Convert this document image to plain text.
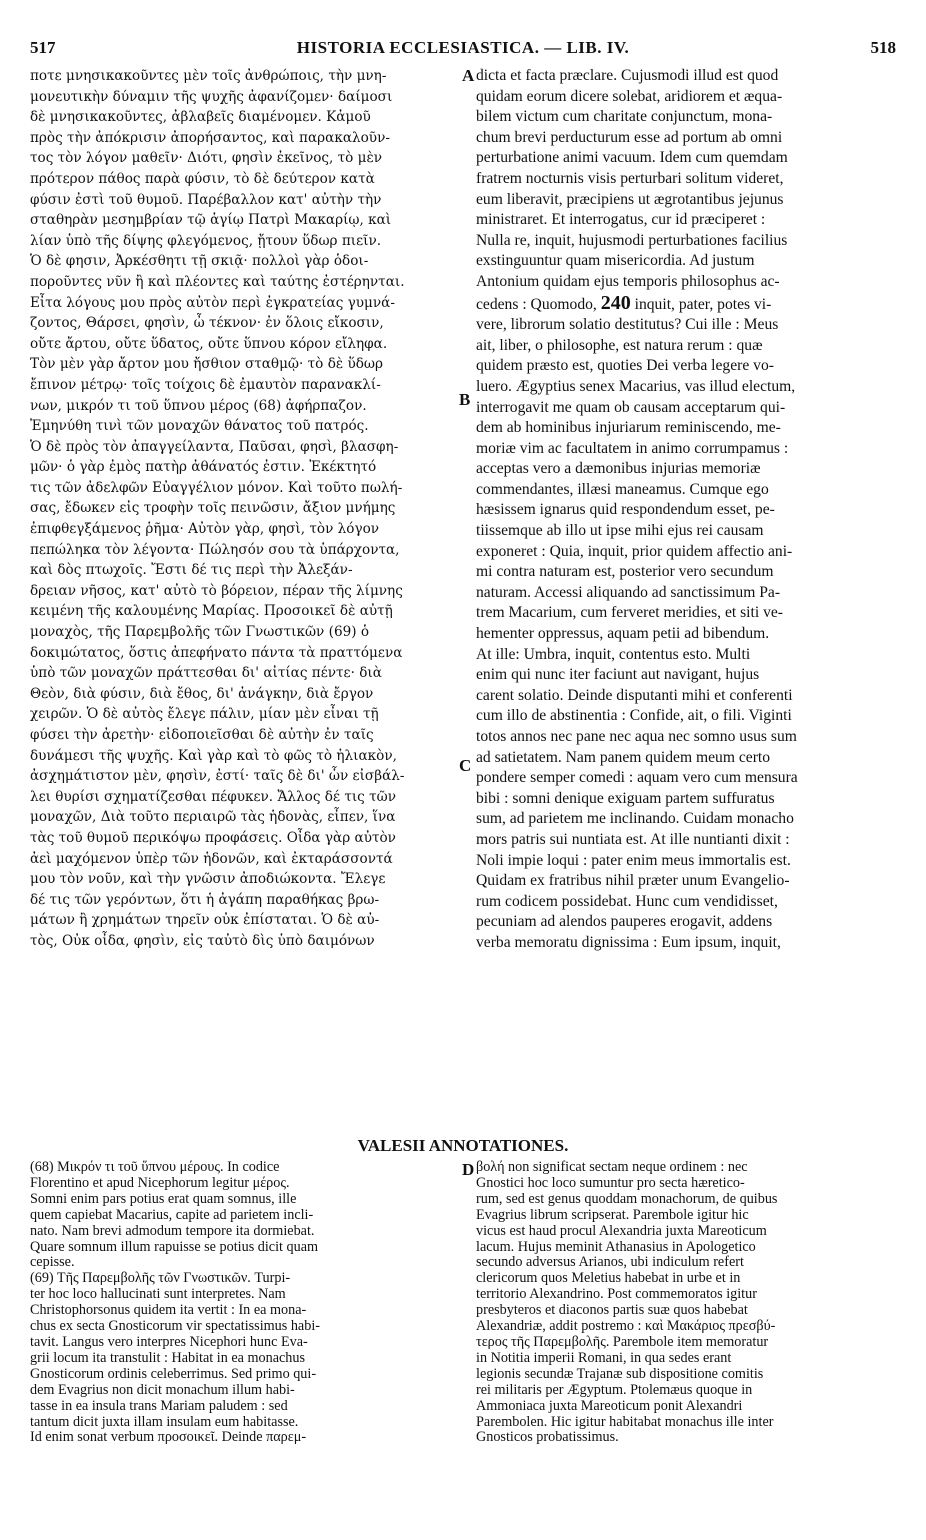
517	HISTORIA ECCLESIASTICA. — LIB. IV.	518
ποτε μνησικακοῦντες μὲν τοῖς ἀνθρώποις, τὴν μνη-
μονευτικὴν δύναμιν τῆς ψυχῆς ἀφανίζομεν· δαίμοσι
δὲ μνησικακοῦντες, ἀβλαβεῖς διαμένομεν. Κἀμοῦ
πρὸς τὴν ἀπόκρισιν ἀπορήσαντος, καὶ παρακαλοῦν-
τος τὸν λόγον μαθεῖν· Διότι, φησὶν ἐκεῖνος, τὸ μὲν
πρότερον πάθος παρὰ φύσιν, τὸ δὲ δεύτερον κατὰ
φύσιν ἐστὶ τοῦ θυμοῦ. Παρέβαλλον κατ' αὐτὴν τὴν
σταθηρὰν μεσημβρίαν τῷ ἁγίῳ Πατρὶ Μακαρίῳ, καὶ
λίαν ὑπὸ τῆς δίψης φλεγόμενος, ᾔτουν ὕδωρ πιεῖν.
Ὁ δὲ φησιν, Ἀρκέσθητι τῇ σκιᾷ· πολλοὶ γὰρ ὁδοι-
ποροῦντες νῦν ἢ καὶ πλέοντες καὶ ταύτης ἐστέρηνται.
Εἶτα λόγους μου πρὸς αὐτὸν περὶ ἐγκρατείας γυμνά-
ζοντος, Θάρσει, φησὶν, ὦ τέκνον· ἐν ὅλοις εἴκοσιν,
οὔτε ἄρτου, οὔτε ὕδατος, οὔτε ὕπνου κόρον εἴληφα.
Τὸν μὲν γὰρ ἄρτον μου ἤσθιον σταθμῷ· τὸ δὲ ὕδωρ
ἔπινον μέτρῳ· τοῖς τοίχοις δὲ ἐμαυτὸν παρανακλί-
νων, μικρόν τι τοῦ ὕπνου μέρος (68) ἀφήρπαζον.
Ἐμηνύθη τινὶ τῶν μοναχῶν θάνατος τοῦ πατρός.
Ὁ δὲ πρὸς τὸν ἀπαγγείλαντα, Παῦσαι, φησὶ, βλασφη-
μῶν· ὁ γὰρ ἐμὸς πατὴρ ἀθάνατός ἐστιν. Ἐκέκτητό
τις τῶν ἀδελφῶν Εὐαγγέλιον μόνον. Καὶ τοῦτο πωλή-
σας, ἔδωκεν εἰς τροφὴν τοῖς πεινῶσιν, ἄξιον μνήμης
ἐπιφθεγξάμενος ῥῆμα· Αὐτὸν γὰρ, φησὶ, τὸν λόγον
πεπώληκα τὸν λέγοντα· Πώλησόν σου τὰ ὑπάρχοντα,
καὶ δὸς πτωχοῖς. Ἔστι δέ τις περὶ τὴν Ἀλεξάν-
δρειαν νῆσος, κατ' αὐτὸ τὸ βόρειον, πέραν τῆς λίμνης
κειμένη τῆς καλουμένης Μαρίας. Προσοικεῖ δὲ αὐτῇ
μοναχὸς, τῆς Παρεμβολῆς τῶν Γνωστικῶν (69) ὁ
δοκιμώτατος, ὅστις ἀπεφήνατο πάντα τὰ πραττόμενα
ὑπὸ τῶν μοναχῶν πράττεσθαι δι' αἰτίας πέντε· διὰ
Θεὸν, διὰ φύσιν, διὰ ἔθος, δι' ἀνάγκην, διὰ ἔργον
χειρῶν. Ὁ δὲ αὐτὸς ἔλεγε πάλιν, μίαν μὲν εἶναι τῇ
φύσει τὴν ἀρετὴν· εἰδοποιεῖσθαι δὲ αὐτὴν ἐν ταῖς
δυνάμεσι τῆς ψυχῆς. Καὶ γὰρ καὶ τὸ φῶς τὸ ἡλιακὸν,
ἀσχημάτιστον μὲν, φησὶν, ἐστί· ταῖς δὲ δι' ὧν εἰσβάλ-
λει θυρίσι σχηματίζεσθαι πέφυκεν. Ἄλλος δέ τις τῶν
μοναχῶν, Διὰ τοῦτο περιαιρῶ τὰς ἡδονὰς, εἶπεν, ἵνα
τὰς τοῦ θυμοῦ περικόψω προφάσεις. Οἶδα γὰρ αὐτὸν
ἀεὶ μαχόμενον ὑπὲρ τῶν ἡδονῶν, καὶ ἐκταράσσοντά
μου τὸν νοῦν, καὶ τὴν γνῶσιν ἀποδιώκοντα. Ἔλεγε
δέ τις τῶν γερόντων, ὅτι ἡ ἀγάπη παραθήκας βρω-
μάτων ἢ χρημάτων τηρεῖν οὐκ ἐπίσταται. Ὁ δὲ αὐ-
τὸς, Οὐκ οἶδα, φησὶν, εἰς ταὐτὸ δὶς ὑπὸ δαιμόνων
dicta et facta præclare. Cujusmodi illud est quod
quidam eorum dicere solebat, aridiorem et æqua-
bilem victum cum charitate conjunctum, mona-
chum brevi perducturum esse ad portum ab omni
perturbatione animi vacuum. Idem cum quemdam
fratrem nocturnis visis perturbari solitum videret,
eum liberavit, præcipiens ut ægrotantibus jejunus
ministraret. Et interrogatus, cur id præciperet :
Nulla re, inquit, hujusmodi perturbationes facilius
exstinguuntur quam misericordia. Ad justum
Antonium quidam ejus temporis philosophus ac-
cedens : Quomodo, 240 inquit, pater, potes vi-
vere, librorum solatio destitutus? Cui ille : Meus
ait, liber, o philosophe, est natura rerum : quæ
quidem præsto est, quoties Dei verba legere vo-
luero. Ægyptius senex Macarius, vas illud electum,
interrogavit me quam ob causam acceptarum qui-
dem ab hominibus injuriarum reminiscendo, me-
moriæ vim ac facultatem in animo corrumpamus :
acceptas vero a dæmonibus injurias memoriæ
commendantes, illæsi maneamus. Cumque ego
hæsissem ignarus quid respondendum esset, pe-
tiissemque ab illo ut ipse mihi ejus rei causam
exponeret : Quia, inquit, prior quidem affectio ani-
mi contra naturam est, posterior vero secundum
naturam. Accessi aliquando ad sanctissimum Pa-
trem Macarium, cum ferveret meridies, et siti ve-
hementer oppressus, aquam petii ad bibendum.
At ille: Umbra, inquit, contentus esto. Multi
enim qui nunc iter faciunt aut navigant, hujus
carent solatio. Deinde disputanti mihi et conferenti
cum illo de abstinentia : Confide, ait, o fili. Viginti
totos annos nec pane nec aqua nec somno usus sum
ad satietatem. Nam panem quidem meum certo
pondere semper comedi : aquam vero cum mensura
bibi : somni denique exiguam partem suffuratus
sum, ad parietem me inclinando. Cuidam monacho
mors patris sui nuntiata est. At ille nuntianti dixit :
Noli impie loqui : pater enim meus immortalis est.
Quidam ex fratribus nihil præter unum Evangelio-
rum codicem possidebat. Hunc cum vendidisset,
pecuniam ad alendos pauperes erogavit, addens
verba memoratu dignissima : Eum ipsum, inquit,
A
B
C
D
VALESII ANNOTATIONES.
(68) Μικρόν τι τοῦ ὕπνου μέρους. In codice
Florentino et apud Nicephorum legitur μέρος.
Somni enim pars potius erat quam somnus, ille
quem capiebat Macarius, capite ad parietem incli-
nato. Nam brevi admodum tempore ita dormiebat.
Quare somnum illum rapuisse se potius dicit quam
cepisse.
(69) Τῆς Παρεμβολῆς τῶν Γνωστικῶν. Turpi-
ter hoc loco hallucinati sunt interpretes. Nam
Christophorsonus quidem ita vertit : In ea mona-
chus ex secta Gnosticorum vir spectatissimus habi-
tavit. Langus vero interpres Nicephori hunc Eva-
grii locum ita transtulit : Habitat in ea monachus
Gnosticorum ordinis celeberrimus. Sed primo qui-
dem Evagrius non dicit monachum illum habi-
tasse in ea insula trans Mariam paludem : sed
tantum dicit juxta illam insulam eum habitasse.
Id enim sonat verbum προσοικεῖ. Deinde παρεμ-
βολή non significat sectam neque ordinem : nec
Gnostici hoc loco sumuntur pro secta hæretico-
rum, sed est genus quoddam monachorum, de quibus
Evagrius librum scripserat. Parembole igitur hic
vicus est haud procul Alexandria juxta Mareoticum
lacum. Hujus meminit Athanasius in Apologetico
secundo adversus Arianos, ubi indiculum refert
clericorum quos Meletius habebat in urbe et in
territorio Alexandrino. Post commemoratos igitur
presbyteros et diaconos partis suæ quos habebat
Alexandriæ, addit postremo : καὶ Μακάριος πρεσβύ-
τερος τῆς Παρεμβολῆς. Parembole item memoratur
in Notitia imperii Romani, in qua sedes erant
legionis secundæ Trajanæ sub dispositione comitis
rei militaris per Ægyptum. Ptolemæus quoque in
Ammoniaca juxta Mareoticum ponit Alexandri
Parembolen. Hic igitur habitabat monachus ille inter
Gnosticos probatissimus.
